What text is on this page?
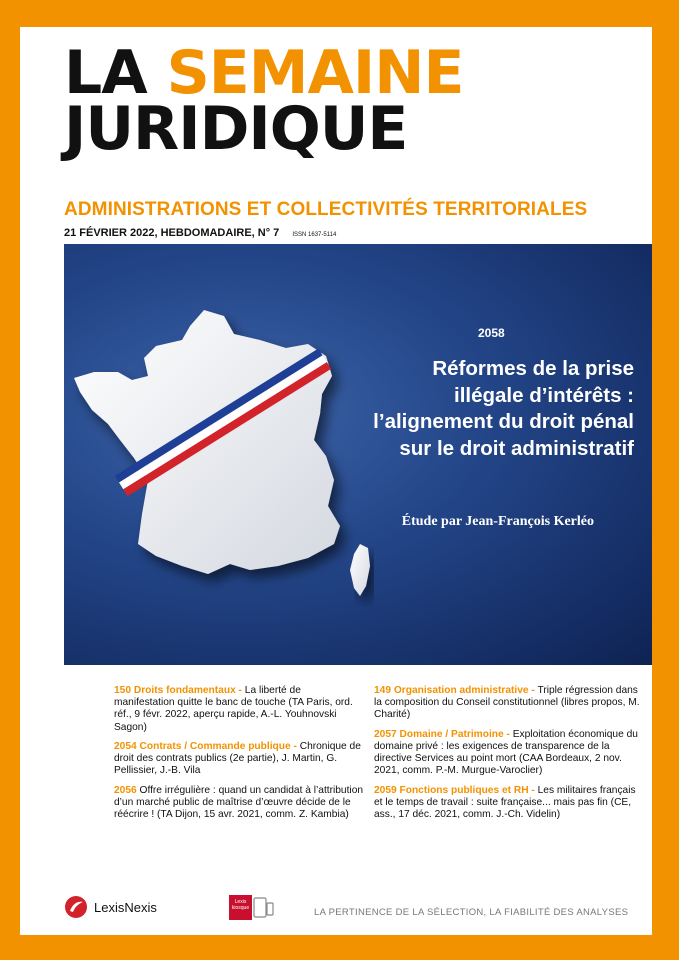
LA SEMAINE
JURIDIQUE
ADMINISTRATIONS ET COLLECTIVITÉS TERRITORIALES
21 FÉVRIER 2022, HEBDOMADAIRE, N° 7 ISSN 1637-5114
2058
Réformes de la prise
illégale d’intérêts :
l’alignement du droit pénal
sur le droit administratif
Étude par Jean-François Kerléo
150 Droits fondamentaux - La liberté de manifestation quitte le banc de touche (TA Paris, ord. réf., 9 févr. 2022, aperçu rapide, A.-L. Youhnovski Sagon)
2054 Contrats / Commande publique - Chronique de droit des contrats publics (2e partie), J. Martin, G. Pellissier, J.-B. Vila
2056 Offre irrégulière : quand un candidat à l’attribution d’un marché public de maîtrise d’œuvre décide de le réécrire ! (TA Dijon, 15 avr. 2021, comm. Z. Kambia)
149 Organisation administrative - Triple régression dans la composition du Conseil constitutionnel (libres propos, M. Charité)
2057 Domaine / Patrimoine - Exploitation économique du domaine privé : les exigences de transparence de la directive Services au point mort (CAA Bordeaux, 2 nov. 2021, comm. P.-M. Murgue-Varoclier)
2059 Fonctions publiques et RH - Les militaires français et le temps de travail : suite française... mais pas fin (CE, ass., 17 déc. 2021, comm. J.-Ch. Videlin)
LexisNexis	Lexis
kiosque	LA PERTINENCE DE LA SÉLECTION, LA FIABILITÉ DES ANALYSES
